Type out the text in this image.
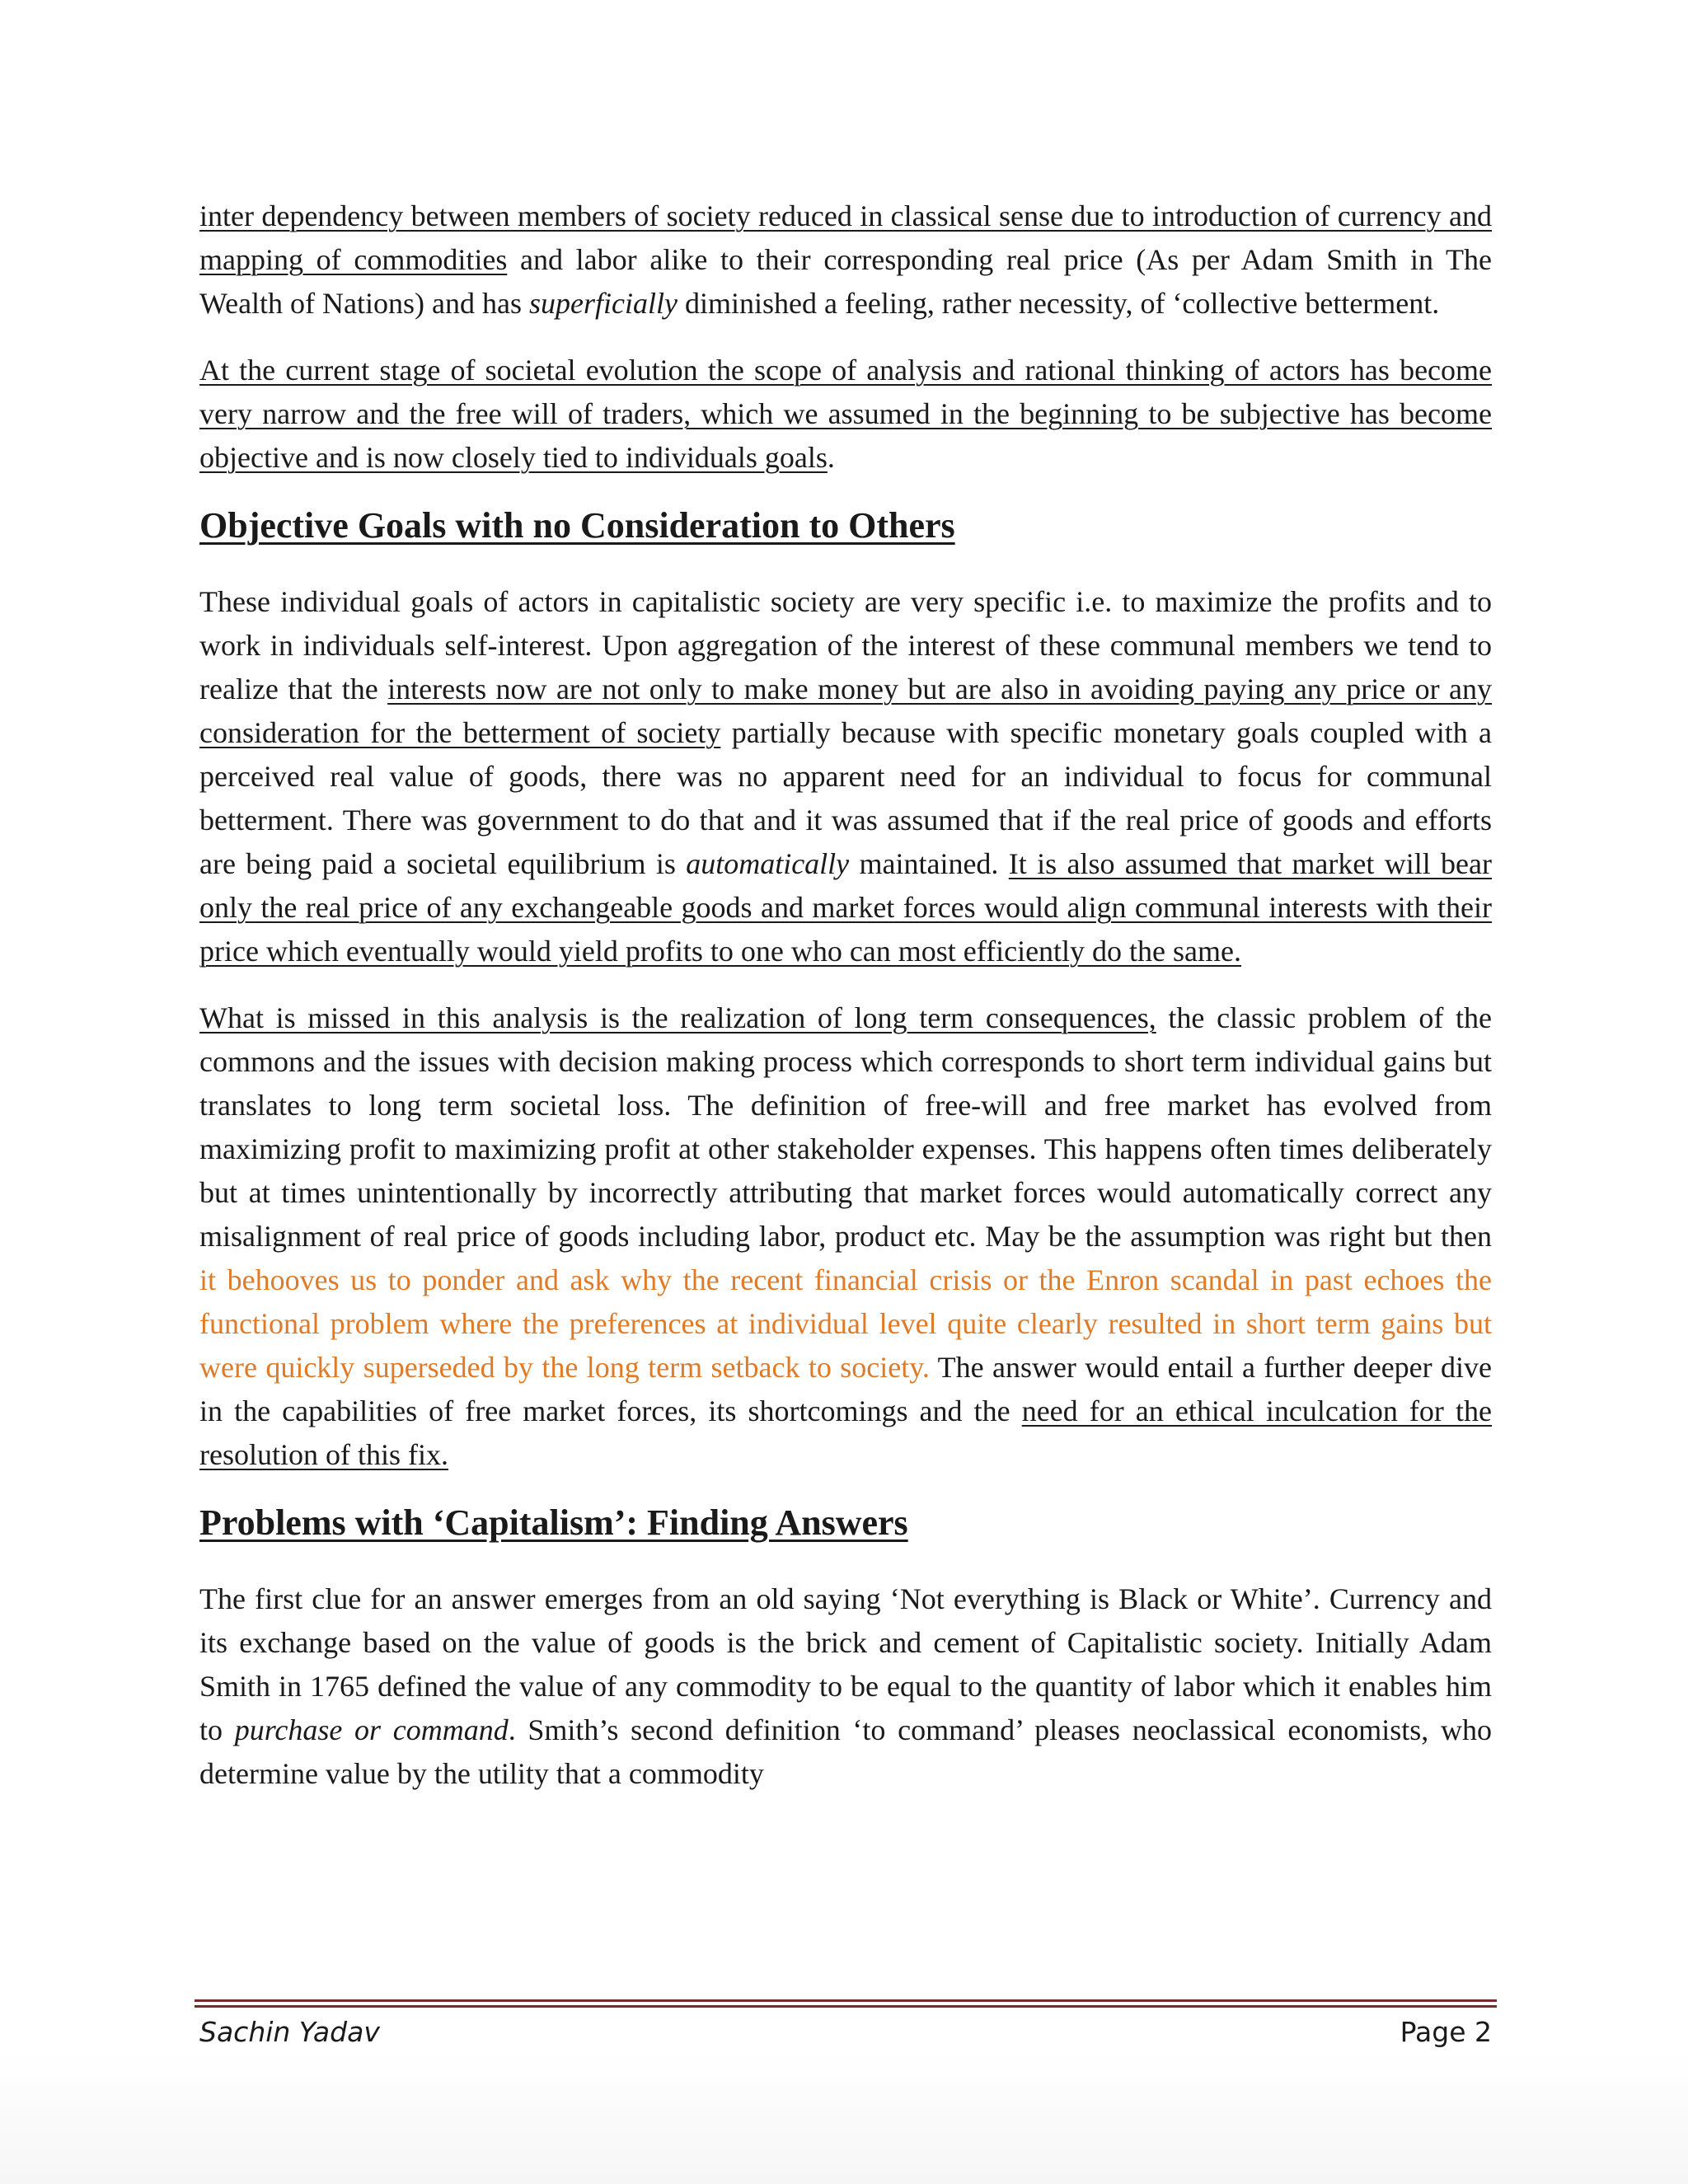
inter dependency between members of society reduced in classical sense due to introduction of currency and mapping of commodities and labor alike to their corresponding real price (As per Adam Smith in The Wealth of Nations) and has superficially diminished a feeling, rather necessity, of ‘collective betterment.

At the current stage of societal evolution the scope of analysis and rational thinking of actors has become very narrow and the free will of traders, which we assumed in the beginning to be subjective has become objective and is now closely tied to individuals goals.

Objective Goals with no Consideration to Others

These individual goals of actors in capitalistic society are very specific i.e. to maximize the profits and to work in individuals self-interest. Upon aggregation of the interest of these communal members we tend to realize that the interests now are not only to make money but are also in avoiding paying any price or any consideration for the betterment of society partially because with specific monetary goals coupled with a perceived real value of goods, there was no apparent need for an individual to focus for communal betterment. There was government to do that and it was assumed that if the real price of goods and efforts are being paid a societal equilibrium is automatically maintained. It is also assumed that market will bear only the real price of any exchangeable goods and market forces would align communal interests with their price which eventually would yield profits to one who can most efficiently do the same.

What is missed in this analysis is the realization of long term consequences, the classic problem of the commons and the issues with decision making process which corresponds to short term individual gains but translates to long term societal loss. The definition of free-will and free market has evolved from maximizing profit to maximizing profit at other stakeholder expenses. This happens often times deliberately but at times unintentionally by incorrectly attributing that market forces would automatically correct any misalignment of real price of goods including labor, product etc. May be the assumption was right but then it behooves us to ponder and ask why the recent financial crisis or the Enron scandal in past echoes the functional problem where the preferences at individual level quite clearly resulted in short term gains but were quickly superseded by the long term setback to society. The answer would entail a further deeper dive in the capabilities of free market forces, its shortcomings and the need for an ethical inculcation for the resolution of this fix.

Problems with ‘Capitalism’: Finding Answers

The first clue for an answer emerges from an old saying ‘Not everything is Black or White’. Currency and its exchange based on the value of goods is the brick and cement of Capitalistic society. Initially Adam Smith in 1765 defined the value of any commodity to be equal to the quantity of labor which it enables him to purchase or command. Smith’s second definition ‘to command’ pleases neoclassical economists, who determine value by the utility that a commodity

Sachin Yadav	Page 2
